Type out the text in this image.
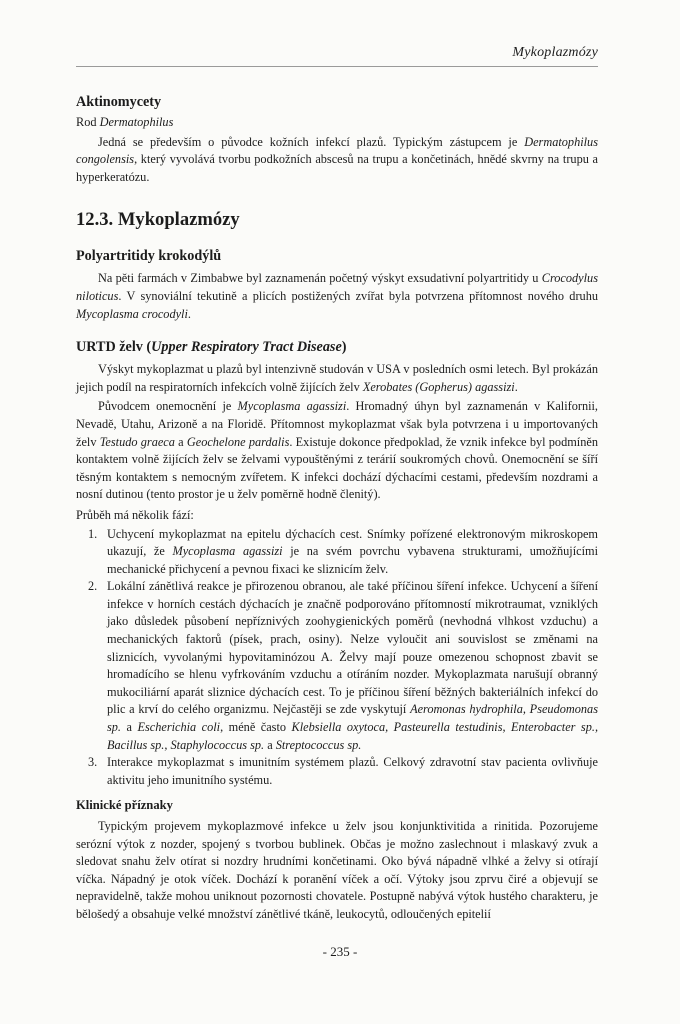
Mykoplazmózy
Aktinomycety

Rod Dermatophilus

Jedná se především o původce kožních infekcí plazů. Typickým zástupcem je Dermatophilus congolensis, který vyvolává tvorbu podkožních abscesů na trupu a končetinách, hnědé skvrny na trupu a hyperkeratózu.

12.3. Mykoplazmózy
Polyartritidy krokodýlů

Na pěti farmách v Zimbabwe byl zaznamenán početný výskyt exsudativní polyartritidy u Crocodylus niloticus. V synoviální tekutině a plicích postižených zvířat byla potvrzena přítomnost nového druhu Mycoplasma crocodyli.

URTD želv (Upper Respiratory Tract Disease)

Výskyt mykoplazmat u plazů byl intenzivně studován v USA v posledních osmi letech. Byl prokázán jejich podíl na respiratorních infekcích volně žijících želv Xerobates (Gopherus) agassizi.

Původcem onemocnění je Mycoplasma agassizi. Hromadný úhyn byl zaznamenán v Kalifornii, Nevadě, Utahu, Arizoně a na Floridě. Přítomnost mykoplazmat však byla potvrzena i u importovaných želv Testudo graeca a Geochelone pardalis. Existuje dokonce předpoklad, že vznik infekce byl podmíněn kontaktem volně žijících želv se želvami vypouštěnými z terárií soukromých chovů. Onemocnění se šíří těsným kontaktem s nemocným zvířetem. K infekci dochází dýchacími cestami, především nozdrami a nosní dutinou (tento prostor je u želv poměrně hodně členitý).

Průběh má několik fází:

1. Uchycení mykoplazmat na epitelu dýchacích cest. Snímky pořízené elektronovým mikroskopem ukazují, že Mycoplasma agassizi je na svém povrchu vybavena strukturami, umožňujícími mechanické přichycení a pevnou fixaci ke sliznicím želv.
2. Lokální zánětlivá reakce je přirozenou obranou, ale také příčinou šíření infekce. Uchycení a šíření infekce v horních cestách dýchacích je značně podporováno přítomností mikrotraumat, vzniklých jako důsledek působení nepříznivých zoohygienických poměrů (nevhodná vlhkost vzduchu) a mechanických faktorů (písek, prach, osiny). Nelze vyloučit ani souvislost se změnami na sliznicích, vyvolanými hypovitaminózou A. Želvy mají pouze omezenou schopnost zbavit se hromadícího se hlenu vyfrkováním vzduchu a otíráním nozder. Mykoplazmata narušují obranný mukociliární aparát sliznice dýchacích cest. To je příčinou šíření běžných bakteriálních infekcí do plic a krví do celého organizmu. Nejčastěji se zde vyskytují Aeromonas hydrophila, Pseudomonas sp. a Escherichia coli, méně často Klebsiella oxytoca, Pasteurella testudinis, Enterobacter sp., Bacillus sp., Staphylococcus sp. a Streptococcus sp.
3. Interakce mykoplazmat s imunitním systémem plazů. Celkový zdravotní stav pacienta ovlivňuje aktivitu jeho imunitního systému.
Klinické příznaky

Typickým projevem mykoplazmové infekce u želv jsou konjunktivitida a rinitida. Pozorujeme serózní výtok z nozder, spojený s tvorbou bublinek. Občas je možno zaslechnout i mlaskavý zvuk a sledovat snahu želv otírat si nozdry hrudními končetinami. Oko bývá nápadně vlhké a želvy si otírají víčka. Nápadný je otok víček. Dochází k poranění víček a očí. Výtoky jsou zprvu čiré a objevují se nepravidelně, takže mohou uniknout pozornosti chovatele. Postupně nabývá výtok hustého charakteru, je bělošedý a obsahuje velké množství zánětlivé tkáně, leukocytů, odloučených epitelií

- 235 -
